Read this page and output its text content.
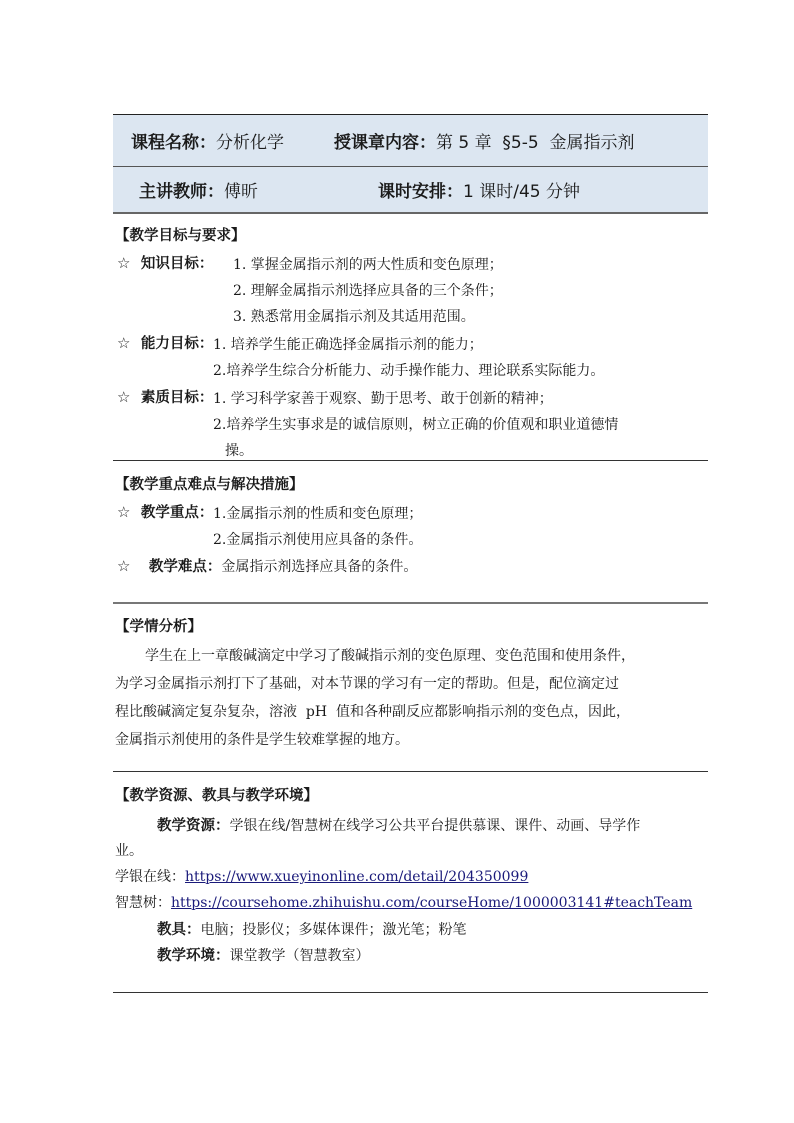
课程名称：分析化学	授课章内容：第 5 章  §5-5  金属指示剂
主讲教师：傅昕	课时安排：1 课时/45 分钟
【教学目标与要求】
☆ 知识目标： 1. 掌握金属指示剂的两大性质和变色原理；
2. 理解金属指示剂选择应具备的三个条件；
3. 熟悉常用金属指示剂及其适用范围。
☆ 能力目标： 1. 培养学生能正确选择金属指示剂的能力；
2.培养学生综合分析能力、动手操作能力、理论联系实际能力。
☆ 素质目标： 1. 学习科学家善于观察、勤于思考、敢于创新的精神；
2.培养学生实事求是的诚信原则，树立正确的价值观和职业道德情
操。
【教学重点难点与解决措施】
☆ 教学重点： 1.金属指示剂的性质和变色原理；
2.金属指示剂使用应具备的条件。
☆ 教学难点：金属指示剂选择应具备的条件。
【学情分析】
学生在上一章酸碱滴定中学习了酸碱指示剂的变色原理、变色范围和使用条件，
为学习金属指示剂打下了基础，对本节课的学习有一定的帮助。但是，配位滴定过
程比酸碱滴定复杂复杂，溶液  pH  值和各种副反应都影响指示剂的变色点，因此，
金属指示剂使用的条件是学生较难掌握的地方。
【教学资源、教具与教学环境】
教学资源：学银在线/智慧树在线学习公共平台提供慕课、课件、动画、导学作
业。
学银在线：https://www.xueyinonline.com/detail/204350099
智慧树：https://coursehome.zhihuishu.com/courseHome/1000003141#teachTeam
教具：电脑；投影仪；多媒体课件；激光笔；粉笔
教学环境：课堂教学（智慧教室）
